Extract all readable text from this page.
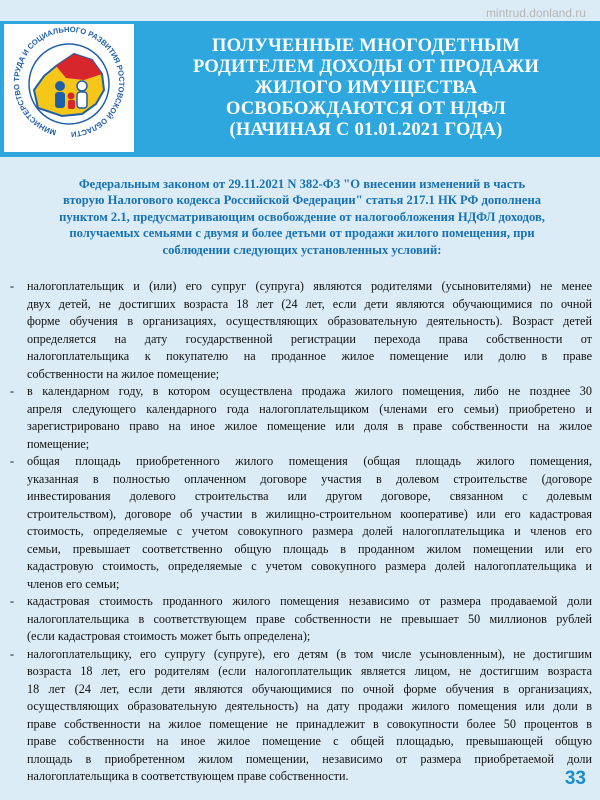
mintrud.donland.ru
МИНИСТЕРСТВО ТРУДА И СОЦИАЛЬНОГО РАЗВИТИЯ РОСТОВСКОЙ ОБЛАСТИ
ПОЛУЧЕННЫЕ МНОГОДЕТНЫМ
РОДИТЕЛЕМ ДОХОДЫ ОТ ПРОДАЖИ
ЖИЛОГО ИМУЩЕСТВА
ОСВОБОЖДАЮТСЯ ОТ НДФЛ
(НАЧИНАЯ С 01.01.2021 ГОДА)
Федеральным законом от 29.11.2021 N 382-ФЗ "О внесении изменений в часть
вторую Налогового кодекса Российской Федерации" статья 217.1 НК РФ дополнена
пунктом 2.1, предусматривающим освобождение от налогообложения НДФЛ доходов,
получаемых семьями с двумя и более детьми от продажи жилого помещения, при
соблюдении следующих установленных условий:
- налогоплательщик и (или) его супруг (супруга) являются родителями (усыновителями) не менее
двух детей, не достигших возраста 18 лет (24 лет, если дети являются обучающимися по очной
форме обучения в организациях, осуществляющих образовательную деятельность). Возраст детей
определяется на дату государственной регистрации перехода права собственности от
налогоплательщика к покупателю на проданное жилое помещение или долю в праве
собственности на жилое помещение;
- в календарном году, в котором осуществлена продажа жилого помещения, либо не позднее 30
апреля следующего календарного года налогоплательщиком (членами его семьи) приобретено и
зарегистрировано право на иное жилое помещение или доля в праве собственности на жилое
помещение;
- общая площадь приобретенного жилого помещения (общая площадь жилого помещения,
указанная в полностью оплаченном договоре участия в долевом строительстве (договоре
инвестирования долевого строительства или другом договоре, связанном с долевым
строительством), договоре об участии в жилищно-строительном кооперативе) или его кадастровая
стоимость, определяемые с учетом совокупного размера долей налогоплательщика и членов его
семьи, превышает соответственно общую площадь в проданном жилом помещении или его
кадастровую стоимость, определяемые с учетом совокупного размера долей налогоплательщика и
членов его семьи;
- кадастровая стоимость проданного жилого помещения независимо от размера продаваемой доли
налогоплательщика в соответствующем праве собственности не превышает 50 миллионов рублей
(если кадастровая стоимость может быть определена);
- налогоплательщику, его супругу (супруге), его детям (в том числе усыновленным), не достигшим
возраста 18 лет, его родителям (если налогоплательщик является лицом, не достигшим возраста
18 лет (24 лет, если дети являются обучающимися по очной форме обучения в организациях,
осуществляющих образовательную деятельность) на дату продажи жилого помещения или доли в
праве собственности на жилое помещение не принадлежит в совокупности более 50 процентов в
праве собственности на иное жилое помещение с общей площадью, превышающей общую
площадь в приобретенном жилом помещении, независимо от размера приобретаемой доли
налогоплательщика в соответствующем праве собственности.	33
